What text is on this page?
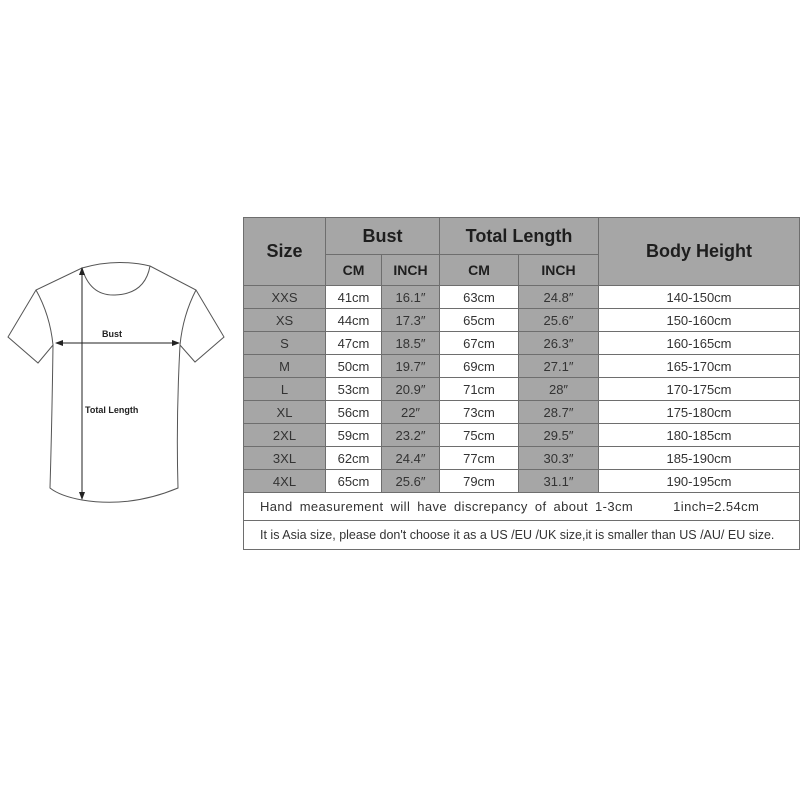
Bust
Total Length
Size	Bust		Total Length		Body Height
	CM	INCH	CM	INCH	
XXS	41cm	16.1″	63cm	24.8″	140-150cm
XS	44cm	17.3″	65cm	25.6″	150-160cm
S	47cm	18.5″	67cm	26.3″	160-165cm
M	50cm	19.7″	69cm	27.1″	165-170cm
L	53cm	20.9″	71cm	28″	170-175cm
XL	56cm	22″	73cm	28.7″	175-180cm
2XL	59cm	23.2″	75cm	29.5″	180-185cm
3XL	62cm	24.4″	77cm	30.3″	185-190cm
4XL	65cm	25.6″	79cm	31.1″	190-195cm
Hand measurement will have discrepancy of about 1-3cm 1inch=2.54cm					
It is Asia size, please don't choose it as a US /EU /UK size,it is smaller than US /AU/ EU size.					
